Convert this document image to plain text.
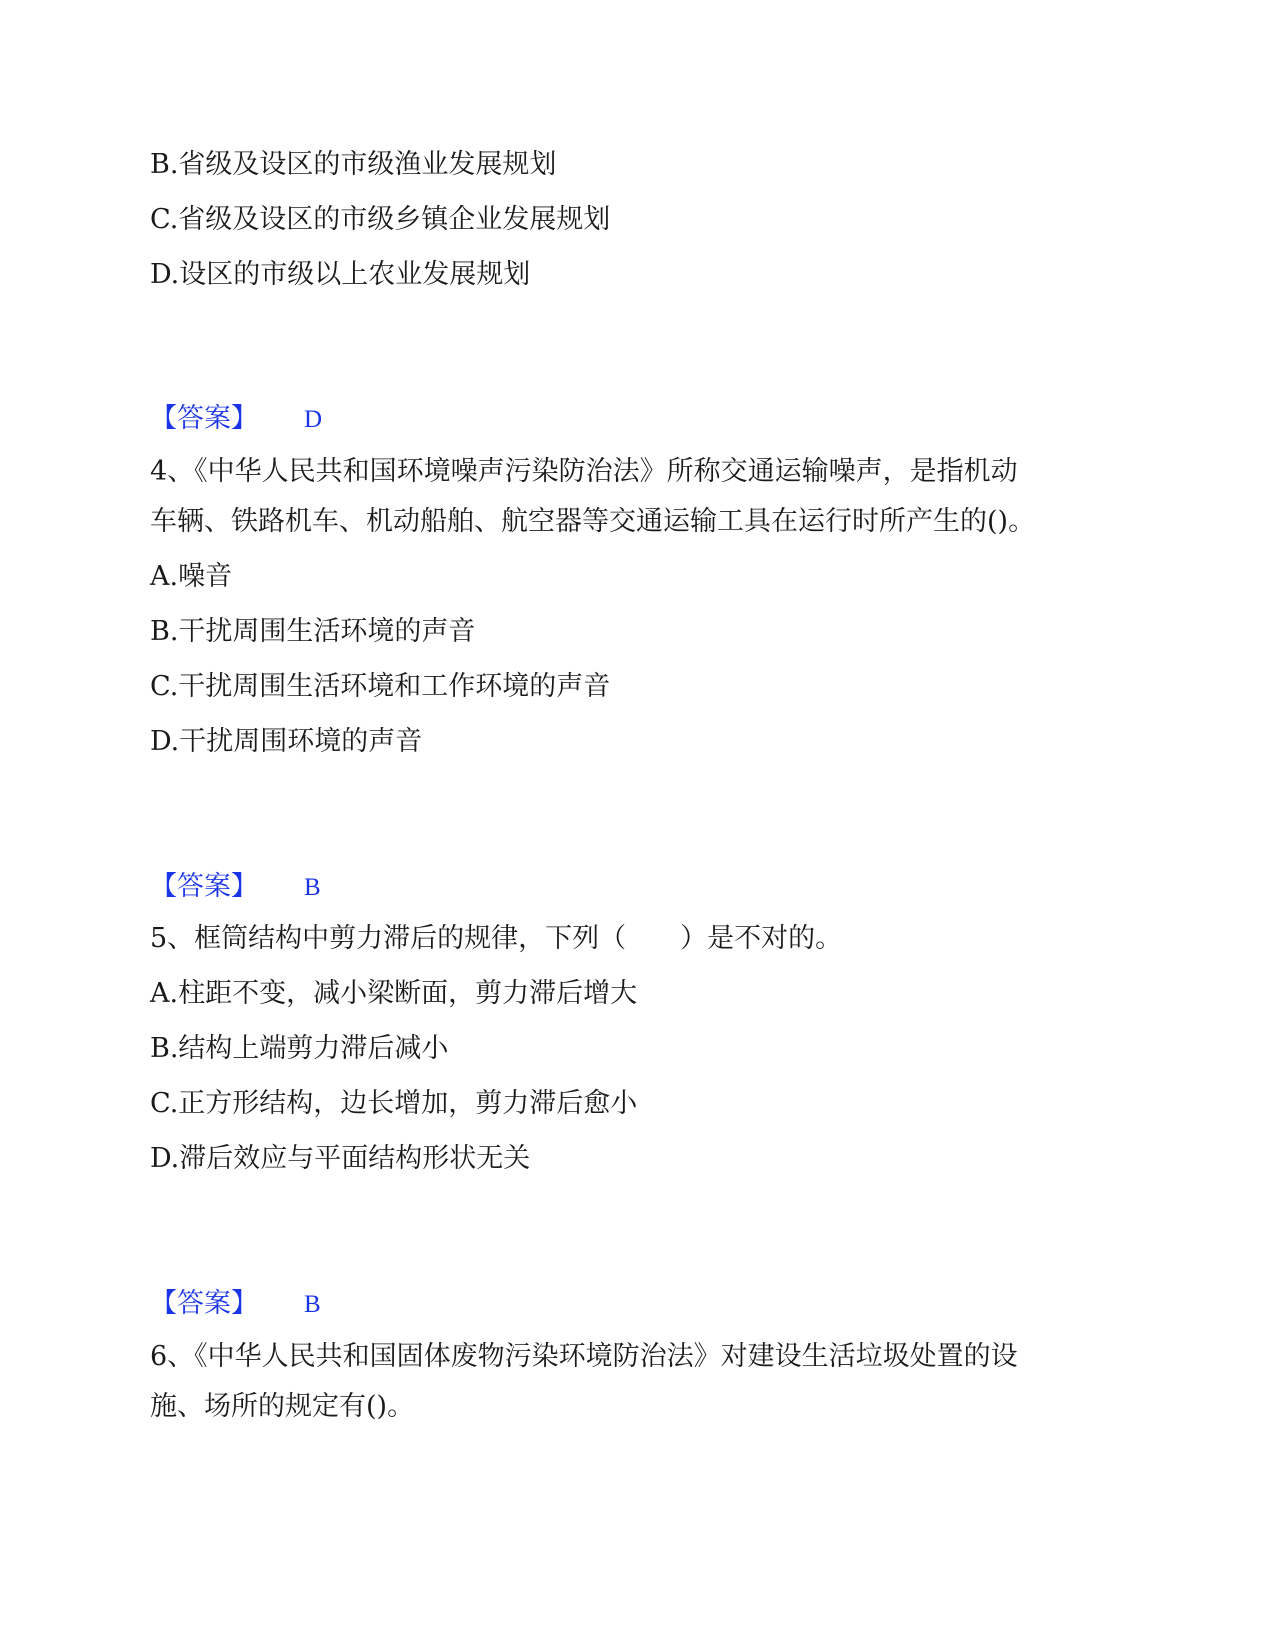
B.省级及设区的市级渔业发展规划
C.省级及设区的市级乡镇企业发展规划
D.设区的市级以上农业发展规划
【答案】 D
4、《中华人民共和国环境噪声污染防治法》所称交通运输噪声，是指机动
车辆、铁路机车、机动船舶、航空器等交通运输工具在运行时所产生的()。
A.噪音
B.干扰周围生活环境的声音
C.干扰周围生活环境和工作环境的声音
D.干扰周围环境的声音
【答案】 B
5、框筒结构中剪力滞后的规律，下列（　　）是不对的。
A.柱距不变，减小梁断面，剪力滞后增大
B.结构上端剪力滞后减小
C.正方形结构，边长增加，剪力滞后愈小
D.滞后效应与平面结构形状无关
【答案】 B
6、《中华人民共和国固体废物污染环境防治法》对建设生活垃圾处置的设
施、场所的规定有()。
